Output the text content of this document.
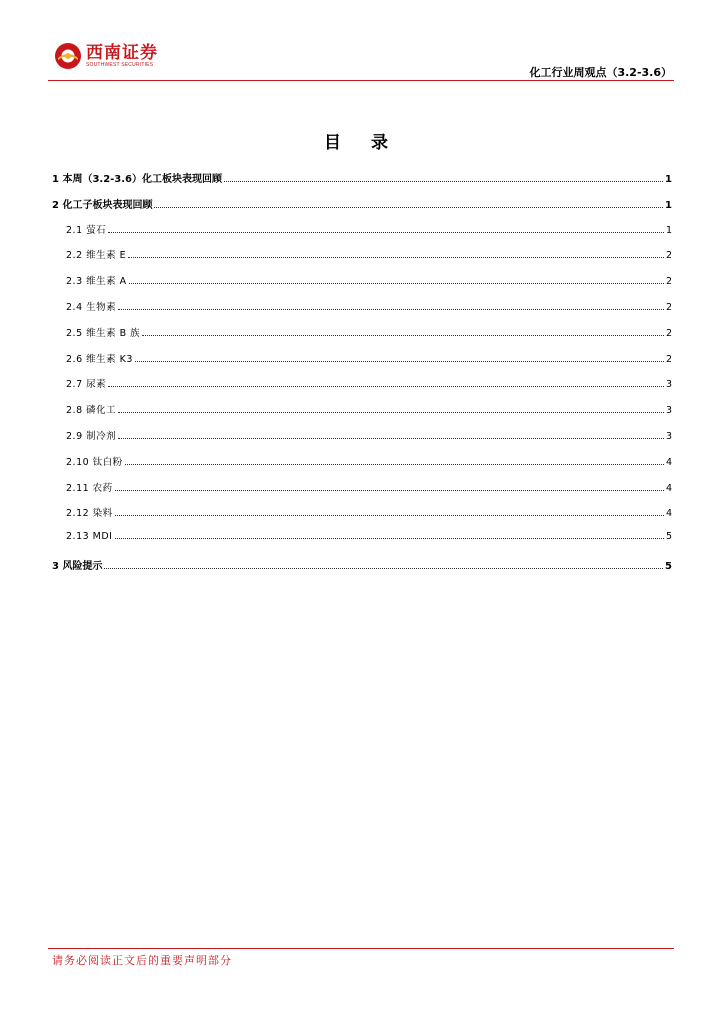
西南证券
SOUTHWEST SECURITIES
化工行业周观点（3.2-3.6）
目 录
1 本周（3.2-3.6）化工板块表现回顾	1
2 化工子板块表现回顾	1
2.1 萤石	1
2.2 维生素 E	2
2.3 维生素 A	2
2.4 生物素	2
2.5 维生素 B 族	2
2.6 维生素 K3	2
2.7 尿素	3
2.8 磷化工	3
2.9 制冷剂	3
2.10 钛白粉	4
2.11 农药	4
2.12 染料	4
2.13 MDI	5
3 风险提示	5
请务必阅读正文后的重要声明部分
